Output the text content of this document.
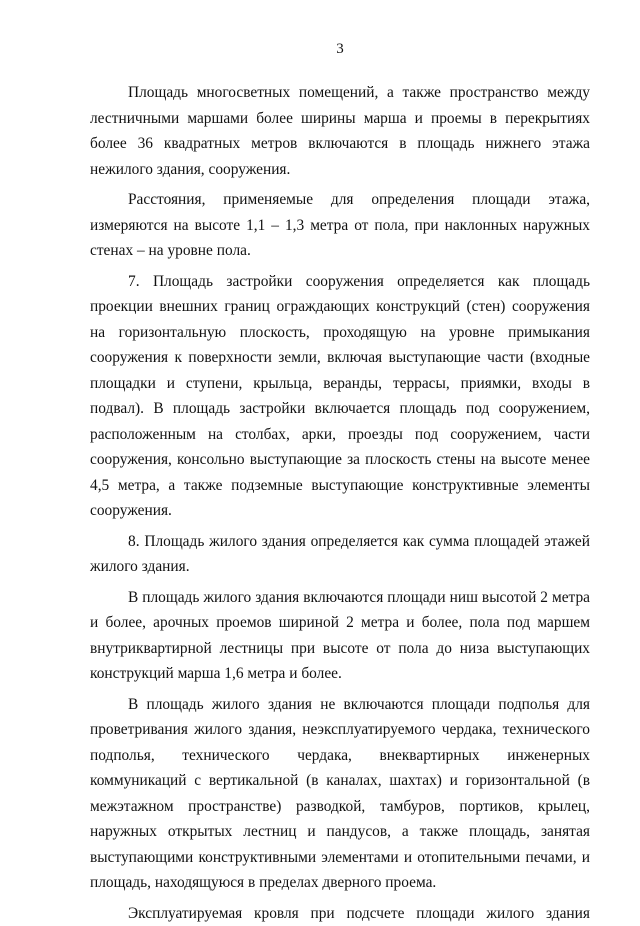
3

Площадь многосветных помещений, а также пространство между лестничными маршами более ширины марша и проемы в перекрытиях более 36 квадратных метров включаются в площадь нижнего этажа нежилого здания, сооружения.

Расстояния, применяемые для определения площади этажа, измеряются на высоте 1,1 – 1,3 метра от пола, при наклонных наружных стенах – на уровне пола.

7. Площадь застройки сооружения определяется как площадь проекции внешних границ ограждающих конструкций (стен) сооружения на горизонтальную плоскость, проходящую на уровне примыкания сооружения к поверхности земли, включая выступающие части (входные площадки и ступени, крыльца, веранды, террасы, приямки, входы в подвал). В площадь застройки включается площадь под сооружением, расположенным на столбах, арки, проезды под сооружением, части сооружения, консольно выступающие за плоскость стены на высоте менее 4,5 метра, а также подземные выступающие конструктивные элементы сооружения.

8. Площадь жилого здания определяется как сумма площадей этажей жилого здания.

В площадь жилого здания включаются площади ниш высотой 2 метра и более, арочных проемов шириной 2 метра и более, пола под маршем внутриквартирной лестницы при высоте от пола до низа выступающих конструкций марша 1,6 метра и более.

В площадь жилого здания не включаются площади подполья для проветривания жилого здания, неэксплуатируемого чердака, технического подполья, технического чердака, внеквартирных инженерных коммуникаций с вертикальной (в каналах, шахтах) и горизонтальной (в межэтажном пространстве) разводкой, тамбуров, портиков, крылец, наружных открытых лестниц и пандусов, а также площадь, занятая выступающими конструктивными элементами и отопительными печами, и площадь, находящуюся в пределах дверного проема.

Эксплуатируемая кровля при подсчете площади жилого здания
